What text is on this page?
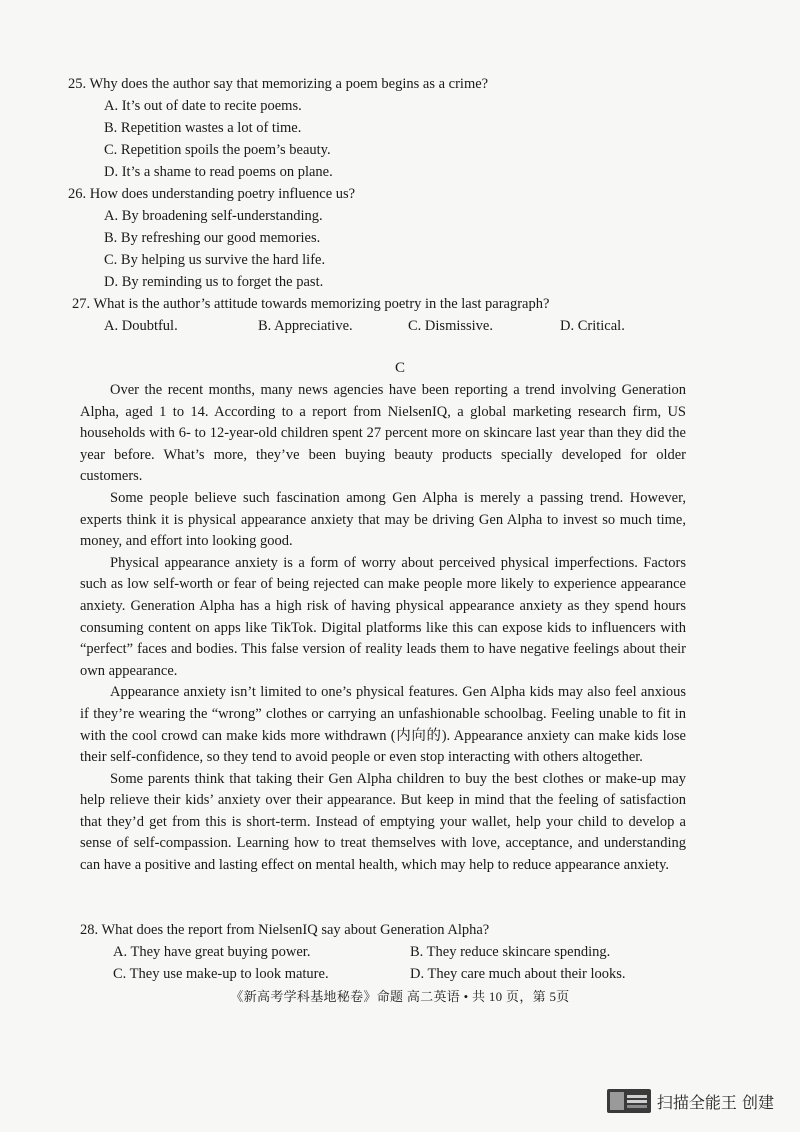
25. Why does the author say that memorizing a poem begins as a crime?
A. It’s out of date to recite poems.
B. Repetition wastes a lot of time.
C. Repetition spoils the poem’s beauty.
D. It’s a shame to read poems on plane.
26. How does understanding poetry influence us?
A. By broadening self-understanding.
B. By refreshing our good memories.
C. By helping us survive the hard life.
D. By reminding us to forget the past.
27. What is the author’s attitude towards memorizing poetry in the last paragraph?
A. Doubtful.	B. Appreciative.	C. Dismissive.	D. Critical.
C

Over the recent months, many news agencies have been reporting a trend involving Generation Alpha, aged 1 to 14. According to a report from NielsenIQ, a global marketing research firm, US households with 6- to 12-year-old children spent 27 percent more on skincare last year than they did the year before. What’s more, they’ve been buying beauty products specially developed for older customers.

Some people believe such fascination among Gen Alpha is merely a passing trend. However, experts think it is physical appearance anxiety that may be driving Gen Alpha to invest so much time, money, and effort into looking good.

Physical appearance anxiety is a form of worry about perceived physical imperfections. Factors such as low self-worth or fear of being rejected can make people more likely to experience appearance anxiety. Generation Alpha has a high risk of having physical appearance anxiety as they spend hours consuming content on apps like TikTok. Digital platforms like this can expose kids to influencers with “perfect” faces and bodies. This false version of reality leads them to have negative feelings about their own appearance.

Appearance anxiety isn’t limited to one’s physical features. Gen Alpha kids may also feel anxious if they’re wearing the “wrong” clothes or carrying an unfashionable schoolbag. Feeling unable to fit in with the cool crowd can make kids more withdrawn (内向的). Appearance anxiety can make kids lose their self-confidence, so they tend to avoid people or even stop interacting with others altogether.

Some parents think that taking their Gen Alpha children to buy the best clothes or make-up may help relieve their kids’ anxiety over their appearance. But keep in mind that the feeling of satisfaction that they’d get from this is short-term. Instead of emptying your wallet, help your child to develop a sense of self-compassion. Learning how to treat themselves with love, acceptance, and understanding can have a positive and lasting effect on mental health, which may help to reduce appearance anxiety.

28. What does the report from NielsenIQ say about Generation Alpha?
A. They have great buying power.	B. They reduce skincare spending.
C. They use make-up to look mature.	D. They care much about their looks.
《新高考学科基地秘卷》命题 高二英语 • 共 10 页，第 5页
扫描全能王 创建
